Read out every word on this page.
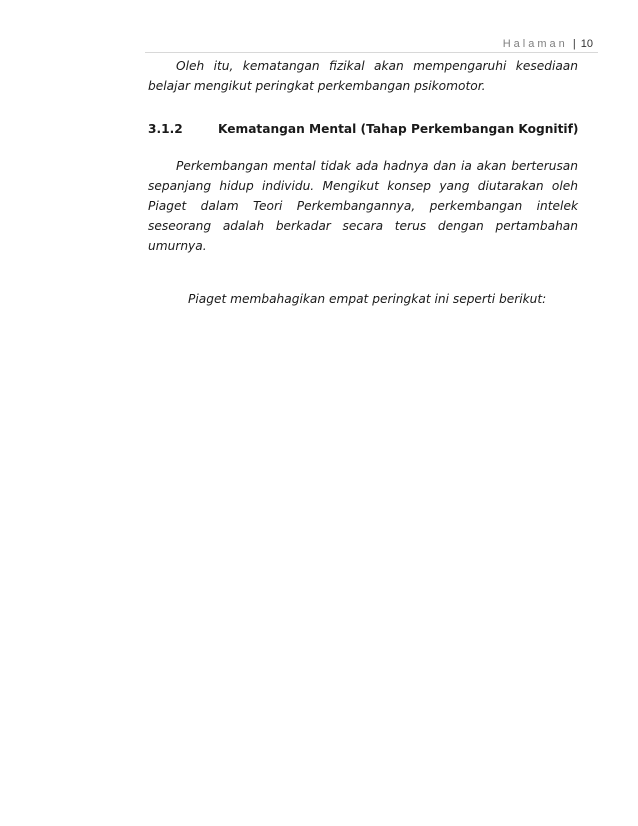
Halaman | 10

Oleh itu, kematangan fizikal akan mempengaruhi kesediaan belajar mengikut peringkat perkembangan psikomotor.

3.1.2	Kematangan Mental (Tahap Perkembangan Kognitif)

Perkembangan mental tidak ada hadnya dan ia akan berterusan sepanjang hidup individu. Mengikut konsep yang diutarakan oleh Piaget dalam Teori Perkembangannya, perkembangan intelek seseorang adalah berkadar secara terus dengan pertambahan umurnya.

Piaget membahagikan empat peringkat ini seperti berikut:
